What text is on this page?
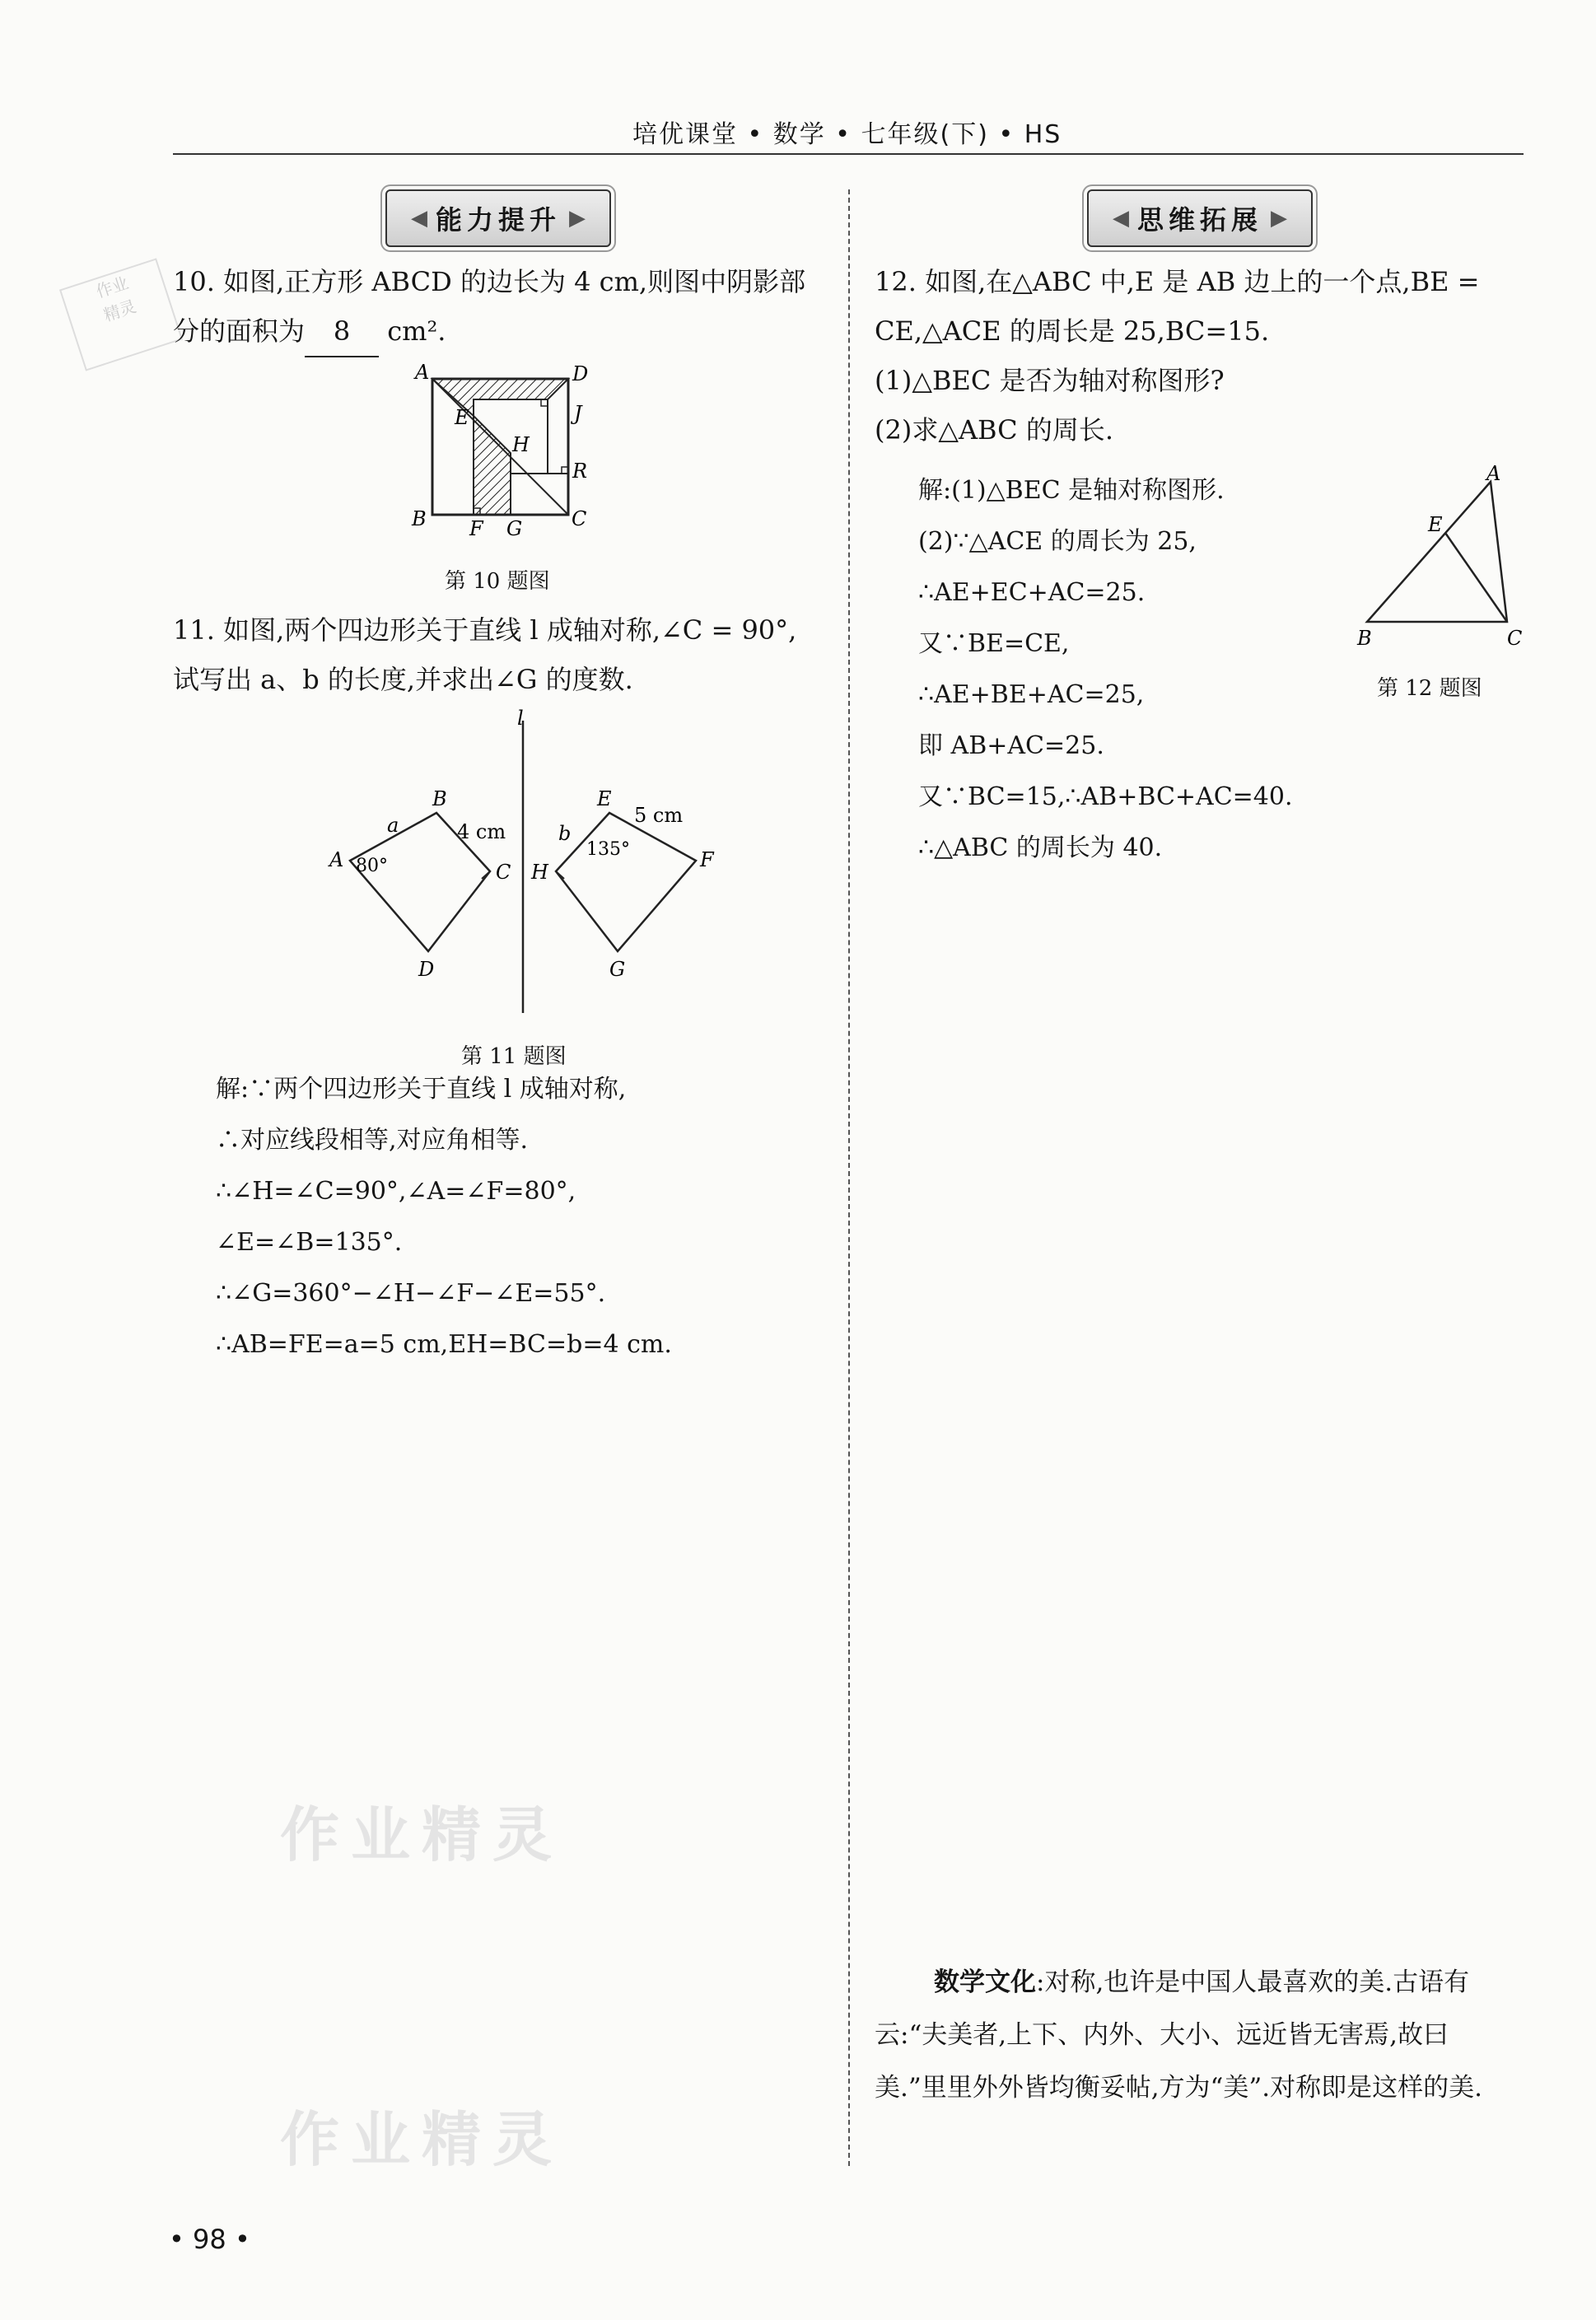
培优课堂 • 数学 • 七年级(下) • HS
作业
精灵
◀ 能力提升 ▶
10. 如图,正方形 ABCD 的边长为 4 cm,则图中阴影部
分的面积为 8 cm².
A	D
J
E
H
R
B F G C
第 10 题图
11. 如图,两个四边形关于直线 l 成轴对称,∠C = 90°,
试写出 a、b 的长度,并求出∠G 的度数.
l
B
a	4 cm
A 80°	C
D
E
5 cm
b
135°
H
F
G
第 11 题图
解:∵两个四边形关于直线 l 成轴对称,
∴对应线段相等,对应角相等.
∴∠H=∠C=90°,∠A=∠F=80°,
∠E=∠B=135°.
∴∠G=360°−∠H−∠F−∠E=55°.
∴AB=FE=a=5 cm,EH=BC=b=4 cm.
◀ 思维拓展 ▶
12. 如图,在△ABC 中,E 是 AB 边上的一个点,BE =
CE,△ACE 的周长是 25,BC=15.
(1)△BEC 是否为轴对称图形?
(2)求△ABC 的周长.
解:(1)△BEC 是轴对称图形.
(2)∵△ACE 的周长为 25,
∴AE+EC+AC=25.
又∵BE=CE,
∴AE+BE+AC=25,
即 AB+AC=25.
又∵BC=15,∴AB+BC+AC=40.
∴△ABC 的周长为 40.
A
E
B	C
第 12 题图
数学文化:对称,也许是中国人最喜欢的美.古语有云:“夫美者,上下、内外、大小、远近皆无害焉,故曰美.”里里外外皆均衡妥帖,方为“美”.对称即是这样的美.
作业精灵
作业精灵
• 98 •
